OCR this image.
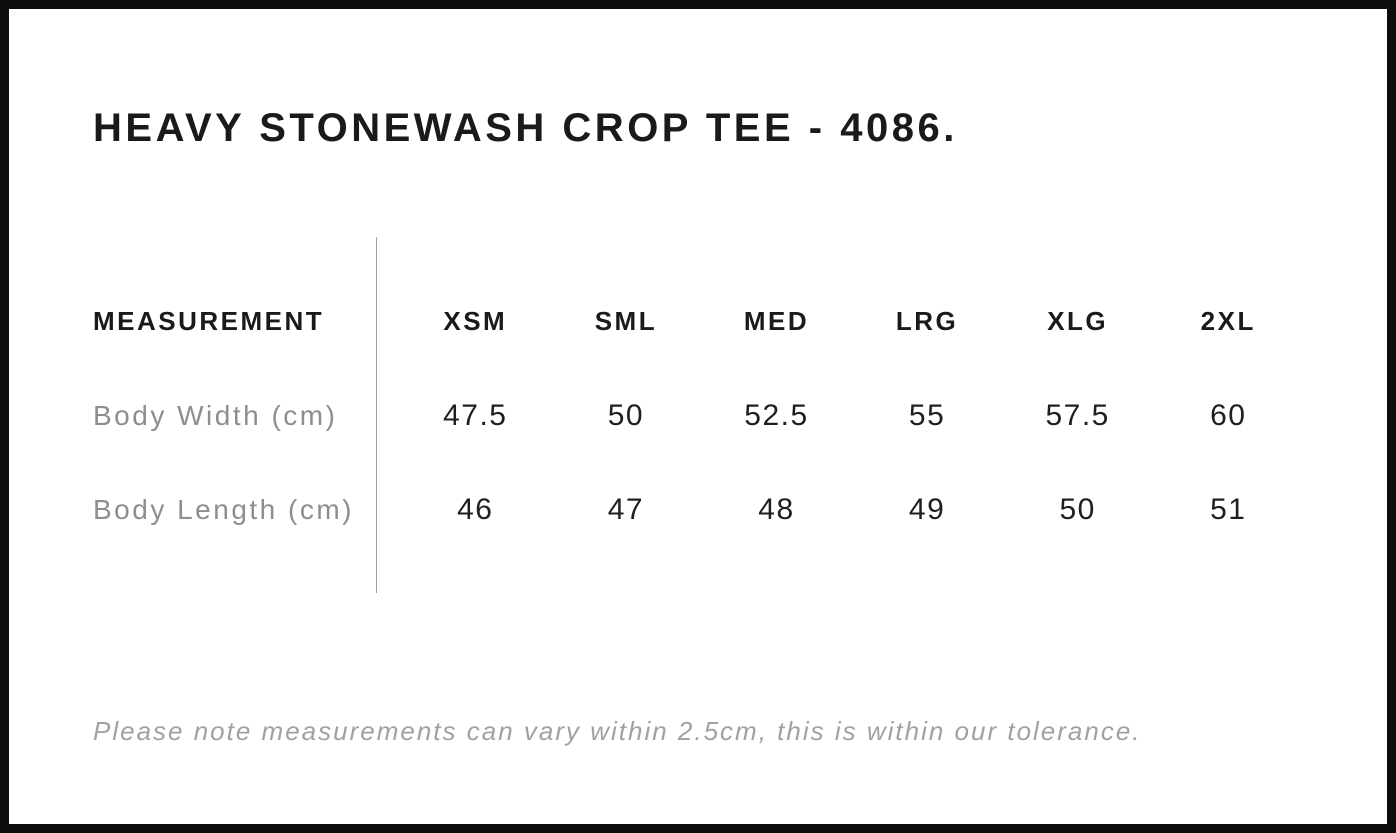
HEAVY STONEWASH CROP TEE - 4086.
MEASUREMENT	XSM	SML	MED	LRG	XLG	2XL
Body Width (cm)	47.5	50	52.5	55	57.5	60
Body Length (cm)	46	47	48	49	50	51

Please note measurements can vary within 2.5cm, this is within our tolerance.
